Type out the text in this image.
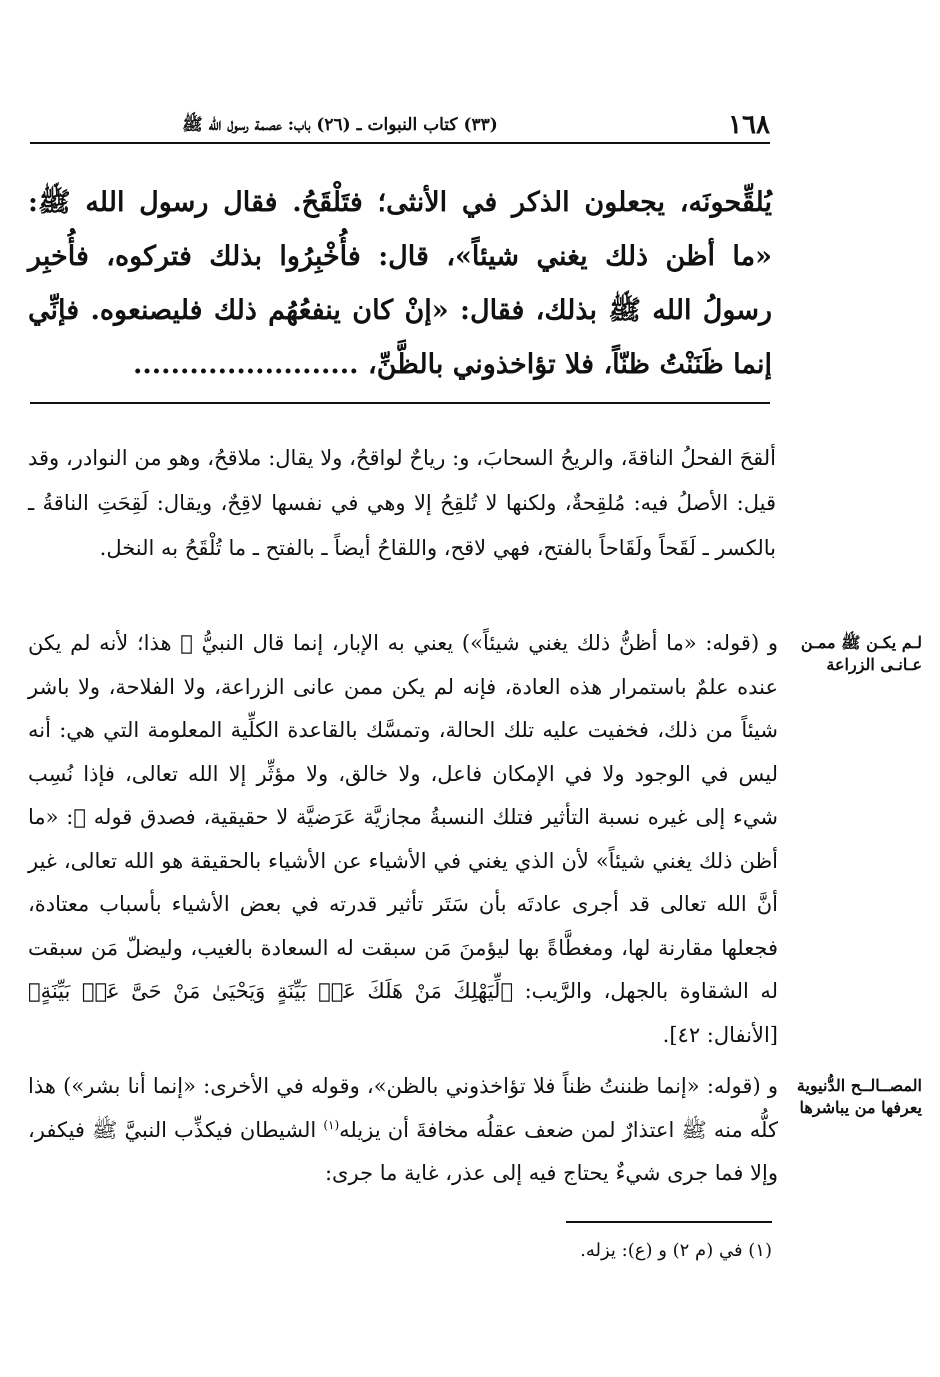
١٦٨
(٣٣) كتاب النبوات ـ (٢٦) باب: عصمة رسول الله ﷺ

يُلقِّحونَه، يجعلون الذكر في الأنثى؛ فتَلْقَحُ. فقال رسول الله ﷺ: «ما أظن ذلك يغني شيئاً»، قال: فأُخْبِرُوا بذلك فتركوه، فأُخبِر رسولُ الله ﷺ بذلك، فقال: «إنْ كان ينفعُهُم ذلك فليصنعوه. فإنِّي إنما ظَنَنْتُ ظنّاً، فلا تؤاخذوني بالظَّنِّ، ........................

ألقحَ الفحلُ الناقةَ، والريحُ السحابَ، و: رياحٌ لواقحُ، ولا يقال: ملاقحُ، وهو من النوادر، وقد قيل: الأصلُ فيه: مُلقِحةٌ، ولكنها لا تُلقِحُ إلا وهي في نفسها لاقِحٌ، ويقال: لَقِحَتِ الناقةُ ـ بالكسر ـ لَقَحاً ولَقَاحاً بالفتح، فهي لاقح، واللقاحُ أيضاً ـ بالفتح ـ ما تُلْقَحُ به النخل.

لـم يكـن ﷺ ممـن عـانـى الزراعة

و (قوله: «ما أظنُّ ذلك يغني شيئاً») يعني به الإبار، إنما قال النبيُّ ﷺ هذا؛ لأنه لم يكن عنده علمٌ باستمرار هذه العادة، فإنه لم يكن ممن عانى الزراعة، ولا الفلاحة، ولا باشر شيئاً من ذلك، فخفيت عليه تلك الحالة، وتمسَّك بالقاعدة الكلِّية المعلومة التي هي: أنه ليس في الوجود ولا في الإمكان فاعل، ولا خالق، ولا مؤثِّر إلا الله تعالى، فإذا نُسِب شيء إلى غيره نسبة التأثير فتلك النسبةُ مجازيَّة عَرَضيَّة لا حقيقية، فصدق قوله ﷺ: «ما أظن ذلك يغني شيئاً» لأن الذي يغني في الأشياء عن الأشياء بالحقيقة هو الله تعالى، غير أنَّ الله تعالى قد أجرى عادتَه بأن سَتَر تأثير قدرته في بعض الأشياء بأسباب معتادة، فجعلها مقارنة لها، ومغطَّاةً بها ليؤمنَ مَن سبقت له السعادة بالغيب، وليضلّ مَن سبقت له الشقاوة بالجهل، والرَّيب: ﴿لِّيَهْلِكَ مَنْ هَلَكَ عَنۢ بَيِّنَةٍ وَيَحْيَىٰ مَنْ حَىَّ عَنۢ بَيِّنَةٍ﴾ [الأنفال: ٤٢].

المصــالــح الدُّنيوية يعرفها من يباشرها

و (قوله: «إنما ظننتُ ظناً فلا تؤاخذوني بالظن»، وقوله في الأخرى: «إنما أنا بشر») هذا كلُّه منه ﷺ اعتذارٌ لمن ضعف عقلُه مخافةَ أن يزيله$^{(١)}$ الشيطان فيكذِّب النبيَّ ﷺ فيكفر، وإلا فما جرى شيءٌ يحتاج فيه إلى عذر، غاية ما جرى:

(١) في (م ٢) و (ع): يزله.
